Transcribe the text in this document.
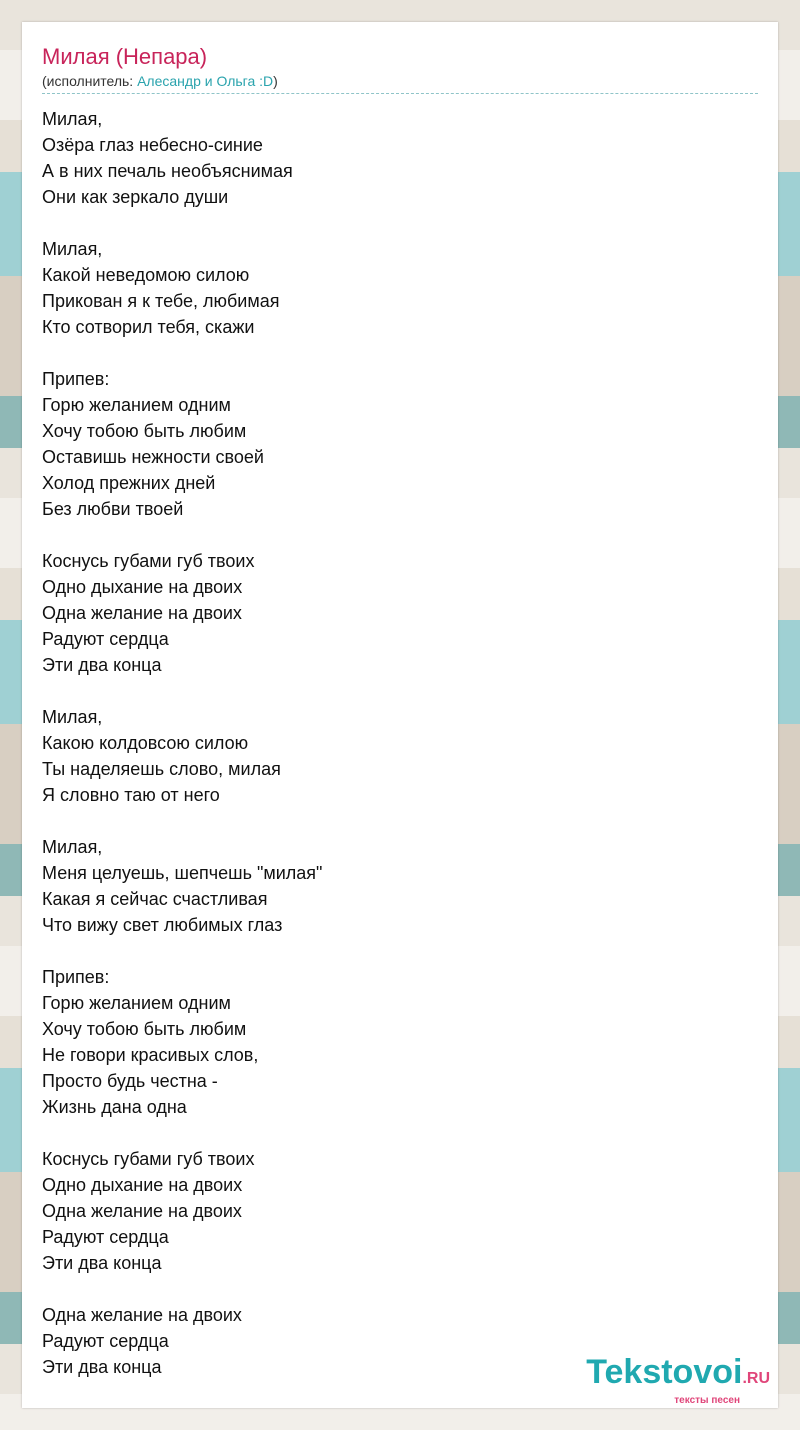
Милая (Непара)
(исполнитель: Алесандр и Ольга :D)
Милая,
Озёра глаз небесно-синие
А в них печаль необъяснимая
Они как зеркало души
Милая,
Какой неведомою силою
Прикован я к тебе, любимая
Кто сотворил тебя, скажи
Припев:
Горю желанием одним
Хочу тобою быть любим
Оставишь нежности своей
Холод прежних дней
Без любви твоей
Коснусь губами губ твоих
Одно дыхание на двоих
Одна желание на двоих
Радуют сердца
Эти два конца
Милая,
Какою колдовсою силою
Ты наделяешь слово, милая
Я словно таю от него
Милая,
Меня целуешь, шепчешь "милая"
Какая я сейчас счастливая
Что вижу свет любимых глаз
Припев:
Горю желанием одним
Хочу тобою быть любим
Не говори красивых слов,
Просто будь честна -
Жизнь дана одна
Коснусь губами губ твоих
Одно дыхание на двоих
Одна желание на двоих
Радуют сердца
Эти два конца
Одна желание на двоих
Радуют сердца
Эти два конца	Tekstovoi.RU
тексты песен
